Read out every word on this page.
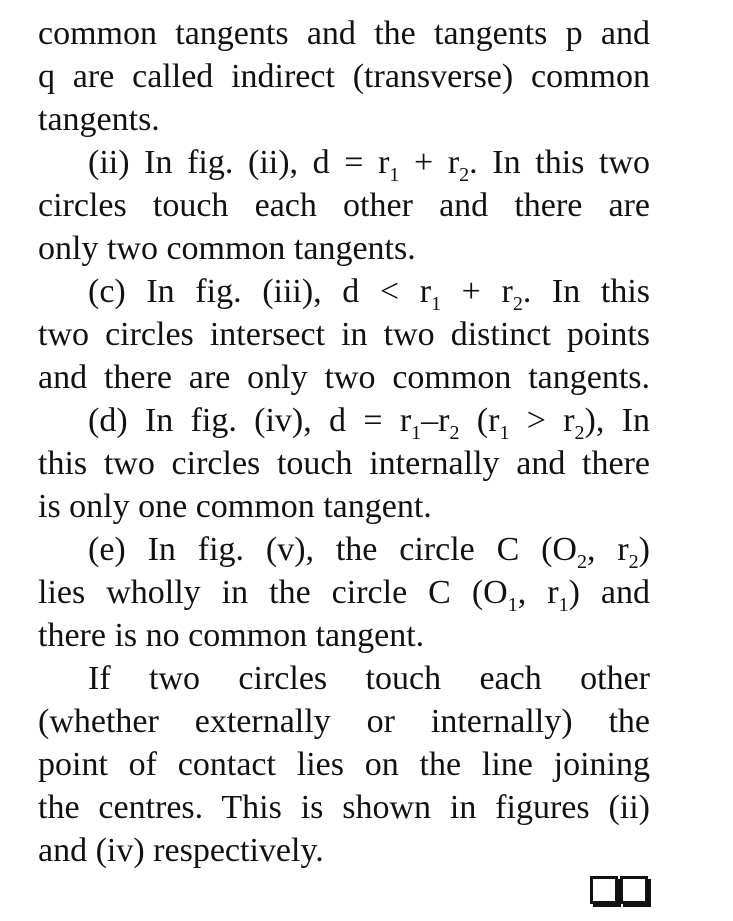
common tangents and the tangents p and
q are called indirect (transverse) common
tangents.
(ii) In fig. (ii), $d = r_1 + r_2$. In this two
circles touch each other and there are
only two common tangents.
(c) In fig. (iii), $d < r_1 + r_2$. In this
two circles intersect in two distinct points
and there are only two common tangents.
(d) In fig. (iv), $d = r_1-r_2$ $(r_1 > r_2)$, In
this two circles touch internally and there
is only one common tangent.
(e) In fig. (v), the circle C ($O_2$, $r_2$)
lies wholly in the circle C ($O_1$, $r_1$) and
there is no common tangent.
If two circles touch each other
(whether externally or internally) the
point of contact lies on the line joining
the centres. This is shown in figures (ii)
and (iv) respectively.
